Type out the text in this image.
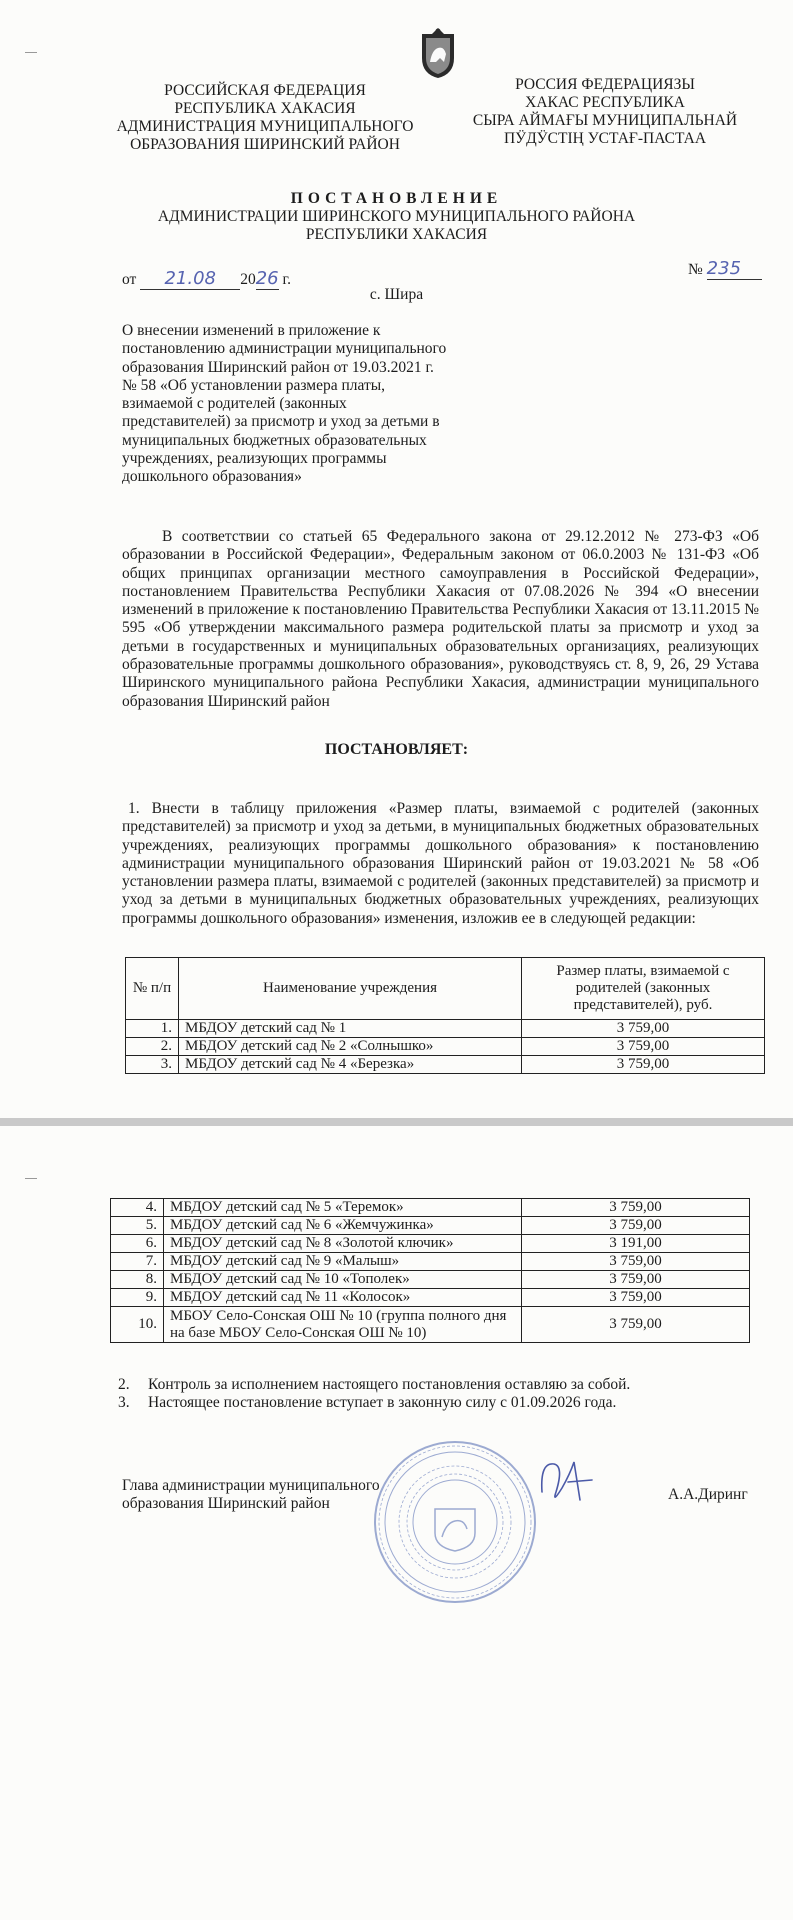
РОССИЙСКАЯ ФЕДЕРАЦИЯ
РЕСПУБЛИКА ХАКАСИЯ
АДМИНИСТРАЦИЯ МУНИЦИПАЛЬНОГО
ОБРАЗОВАНИЯ ШИРИНСКИЙ РАЙОН
РОССИЯ ФЕДЕРАЦИЯЗЫ
ХАКАС РЕСПУБЛИКА
СЫРА АЙМАҒЫ МУНИЦИПАЛЬНАЙ
ПӰДӰСТІҢ УСТАҒ-ПАСТАА
ПОСТАНОВЛЕНИЕ
АДМИНИСТРАЦИИ ШИРИНСКОГО МУНИЦИПАЛЬНОГО РАЙОНА
РЕСПУБЛИКИ ХАКАСИЯ
от 21.08 2026 г.
№ 235
с. Шира
О внесении изменений в приложение к постановлению администрации муниципального образования Ширинский район от 19.03.2021 г. № 58 «Об установлении размера платы, взимаемой с родителей (законных представителей) за присмотр и уход за детьми в муниципальных бюджетных образовательных учреждениях, реализующих программы дошкольного образования»
В соответствии со статьей 65 Федерального закона от 29.12.2012 № 273-ФЗ «Об образовании в Российской Федерации», Федеральным законом от 06.0.2003 № 131-ФЗ «Об общих принципах организации местного самоуправления в Российской Федерации», постановлением Правительства Республики Хакасия от 07.08.2026 № 394 «О внесении изменений в приложение к постановлению Правительства Республики Хакасия от 13.11.2015 № 595 «Об утверждении максимального размера родительской платы за присмотр и уход за детьми в государственных и муниципальных образовательных организациях, реализующих образовательные программы дошкольного образования», руководствуясь ст. 8, 9, 26, 29 Устава Ширинского муниципального района Республики Хакасия, администрации муниципального образования Ширинский район
ПОСТАНОВЛЯЕТ:
1. Внести в таблицу приложения «Размер платы, взимаемой с родителей (законных представителей) за присмотр и уход за детьми, в муниципальных бюджетных образовательных учреждениях, реализующих программы дошкольного образования» к постановлению администрации муниципального образования Ширинский район от 19.03.2021 № 58 «Об установлении размера платы, взимаемой с родителей (законных представителей) за присмотр и уход за детьми в муниципальных бюджетных образовательных учреждениях, реализующих программы дошкольного образования» изменения, изложив ее в следующей редакции:
№ п/п	Наименование учреждения	Размер платы, взимаемой с родителей (законных представителей), руб.
1.	МБДОУ детский сад № 1	3 759,00
2.	МБДОУ детский сад № 2 «Солнышко»	3 759,00
3.	МБДОУ детский сад № 4 «Березка»	3 759,00
4.	МБДОУ детский сад № 5 «Теремок»	3 759,00
5.	МБДОУ детский сад № 6 «Жемчужинка»	3 759,00
6.	МБДОУ детский сад № 8 «Золотой ключик»	3 191,00
7.	МБДОУ детский сад № 9 «Малыш»	3 759,00
8.	МБДОУ детский сад № 10 «Тополек»	3 759,00
9.	МБДОУ детский сад № 11 «Колосок»	3 759,00
10.	МБОУ Село-Сонская ОШ № 10 (группа полного дня на базе МБОУ Село-Сонская ОШ № 10)	3 759,00
2. Контроль за исполнением настоящего постановления оставляю за собой.
3. Настоящее постановление вступает в законную силу с 01.09.2026 года.
Глава администрации муниципального
образования Ширинский район
А.А.Диринг
